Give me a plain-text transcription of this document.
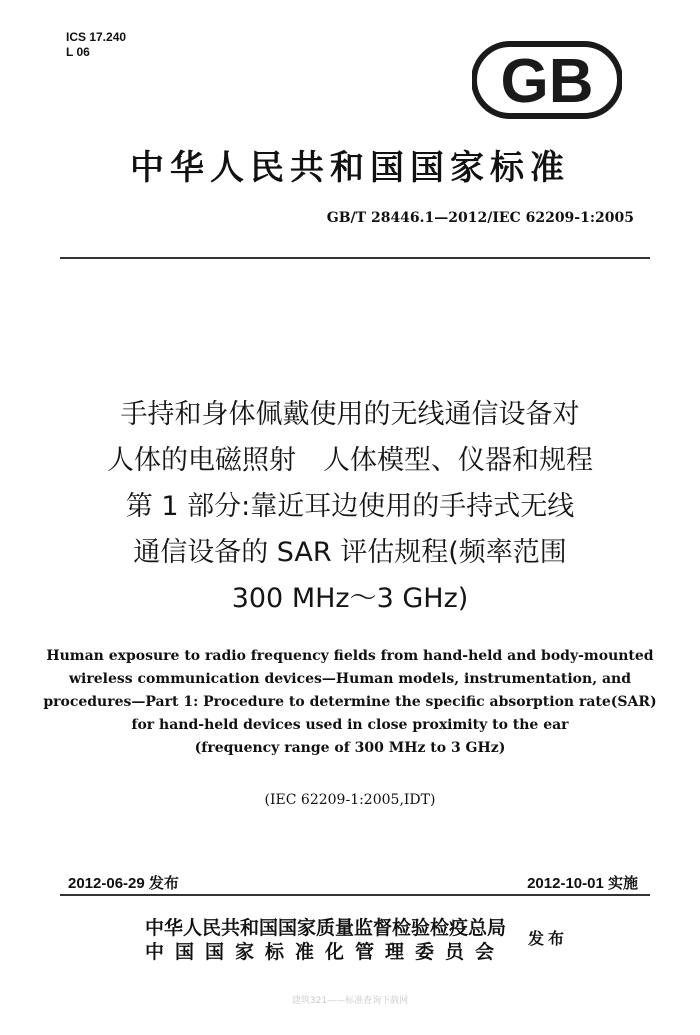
ICS 17.240
L 06	GB
中华人民共和国国家标准
GB/T 28446.1—2012/IEC 62209-1:2005
手持和身体佩戴使用的无线通信设备对
人体的电磁照射　人体模型、仪器和规程
第 1 部分:靠近耳边使用的手持式无线
通信设备的 SAR 评估规程(频率范围
300 MHz～3 GHz)
Human exposure to radio frequency fields from hand-held and body-mounted
wireless communication devices—Human models, instrumentation, and
procedures—Part 1: Procedure to determine the specific absorption rate(SAR)
for hand-held devices used in close proximity to the ear
(frequency range of 300 MHz to 3 GHz)
(IEC 62209-1:2005,IDT)
2012-06-29 发布	2012-10-01 实施
中华人民共和国国家质量监督检验检疫总局
中国国家标准化管理委员会
发布
建筑321——标准查询下载网
